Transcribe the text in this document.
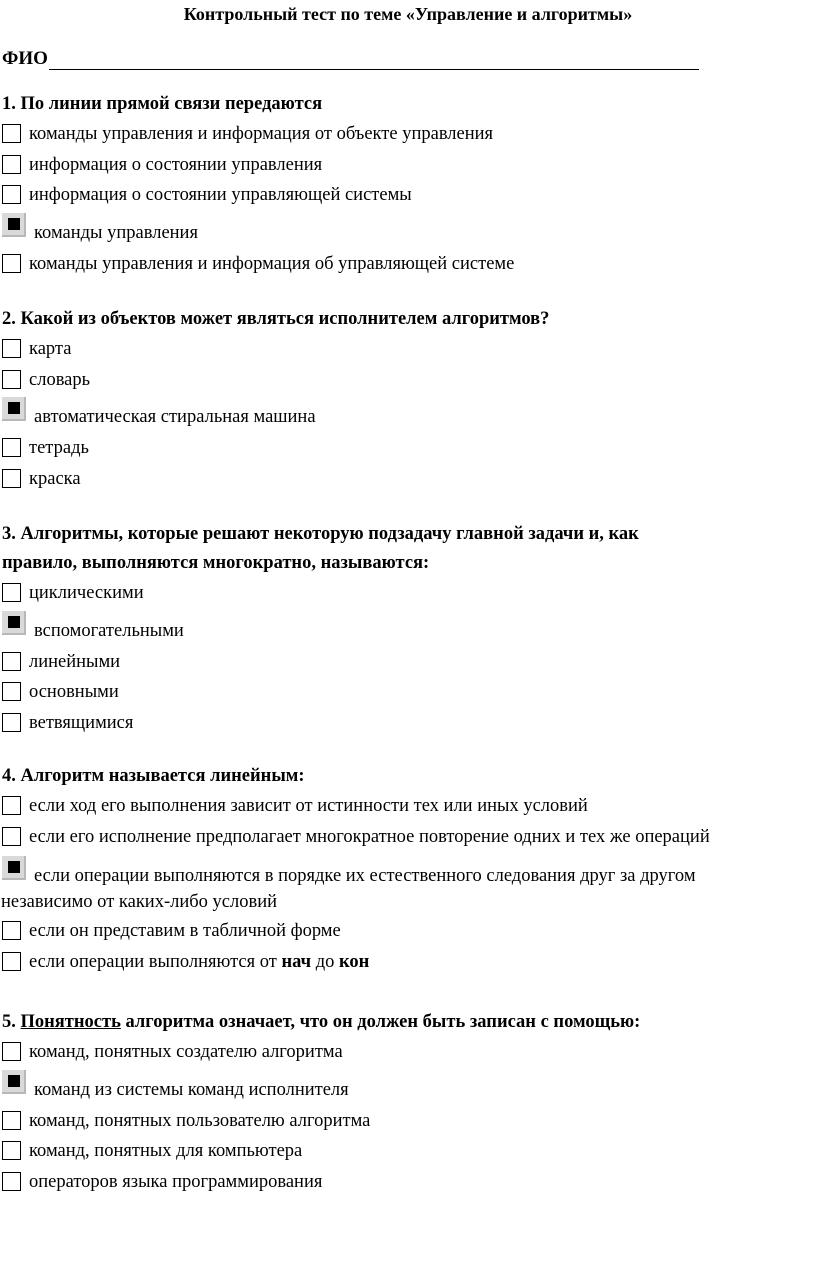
Контрольный тест по теме «Управление и алгоритмы»
ФИО
1. По линии прямой связи передаются
команды управления и информация от объекте управления
информация о состоянии управления
информация о состоянии управляющей системы
команды управления
команды управления и информация об управляющей системе
2. Какой из объектов может являться исполнителем алгоритмов?
карта
словарь
автоматическая стиральная машина
тетрадь
краска
3. Алгоритмы, которые решают некоторую подзадачу главной задачи и, как
правило, выполняются многократно, называются:
циклическими
вспомогательными
линейными
основными
ветвящимися
4. Алгоритм называется линейным:
если ход его выполнения зависит от истинности тех или иных условий
если его исполнение предполагает многократное повторение одних и тех же операций
если операции выполняются в порядке их естественного следования друг за другом
независимо от каких-либо условий
если он представим в табличной форме
если операции выполняются от нач до кон
5. Понятность алгоритма означает, что он должен быть записан с помощью:
команд, понятных создателю алгоритма
команд из системы команд исполнителя
команд, понятных пользователю алгоритма
команд, понятных для компьютера
операторов языка программирования
